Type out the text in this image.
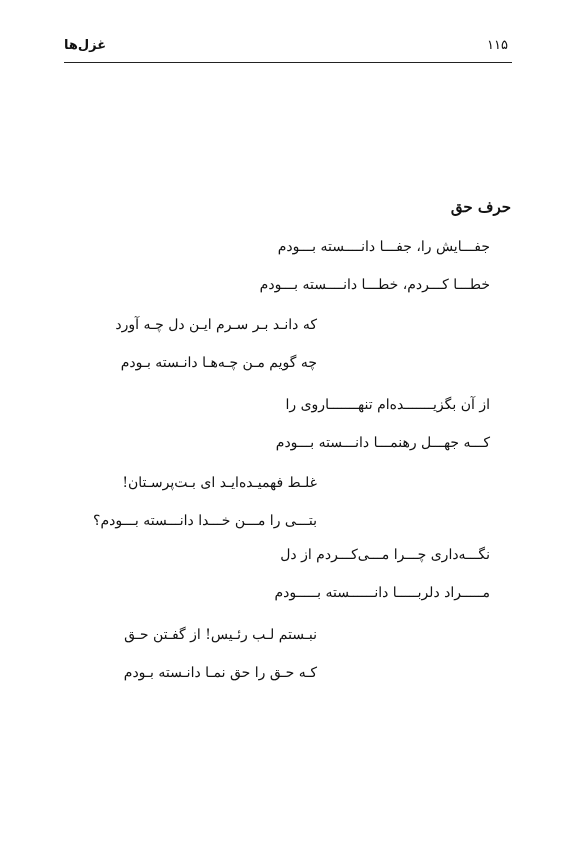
غزل‌ها	۱۱۵
حرف حق
جفـــایش را، جفـــا دانــــسته بـــودم
خطـــا کـــردم، خطـــا دانــــسته بـــودم
که دانـد بـر سـرم ایـن دل چـه آورد
چه گویم مـن چـه‌هـا دانـسته بـودم
از آن بگزیـــــــده‌ام تنهـــــــاروی را
کـــه جهـــل رهنمـــا دانـــسته بـــودم
غلـط فهمیـده‌ایـد ای بـت‌پرسـتان!
بتـــی را مـــن خـــدا دانـــسته بـــودم؟
نگـــه‌داری چـــرا مـــی‌کـــردم از دل
مـــــراد دلربـــــا دانــــــسته بـــــودم
نبـستم لـب رئـیس! از گفـتن حـق
کـه حـق را حق نمـا دانـسته بـودم
